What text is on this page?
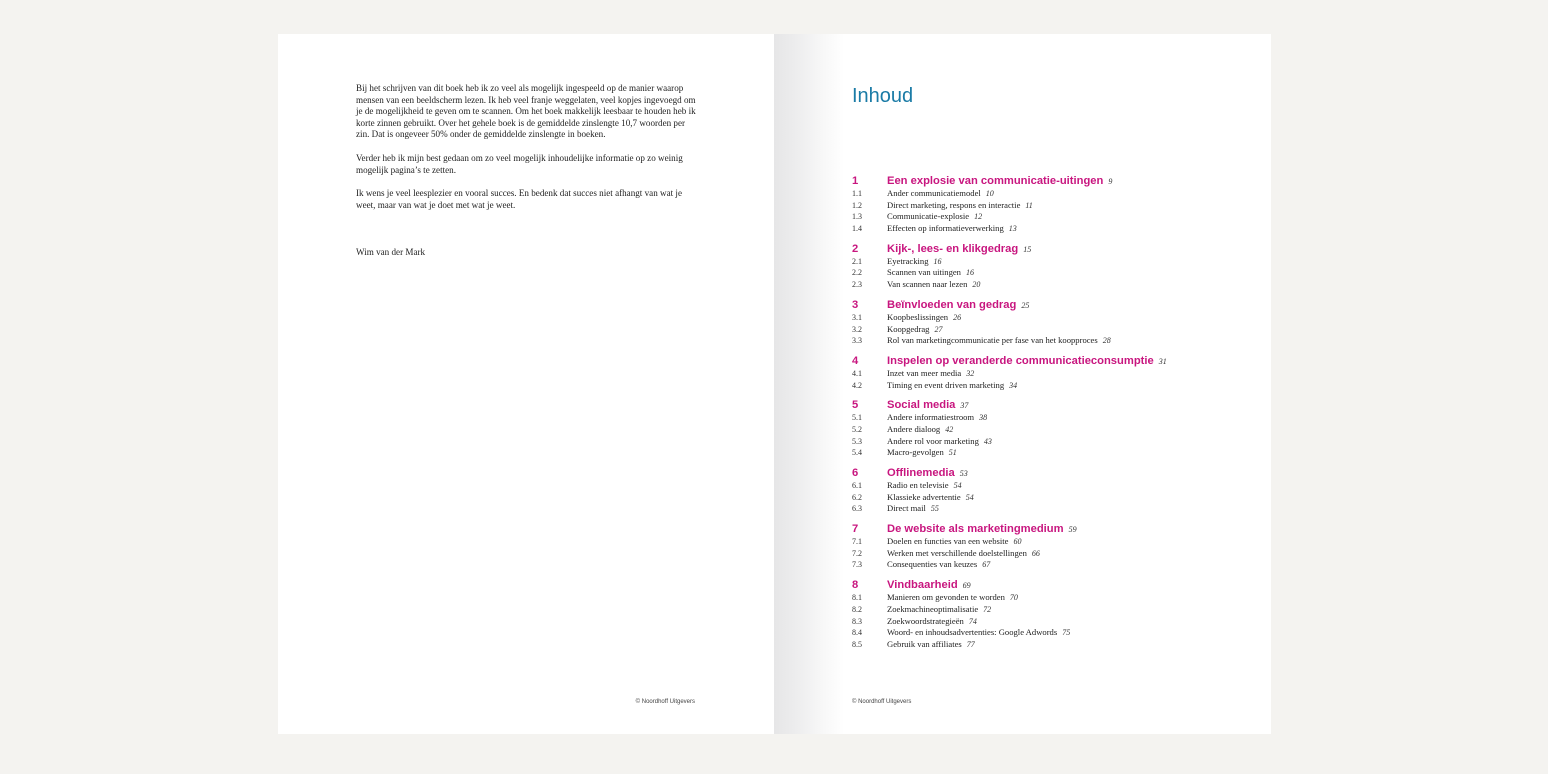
Bij het schrijven van dit boek heb ik zo veel als mogelijk ingespeeld op de manier waarop mensen van een beeldscherm lezen. Ik heb veel franje weggelaten, veel kopjes ingevoegd om je de mogelijkheid te geven om te scannen. Om het boek makkelijk leesbaar te houden heb ik korte zinnen gebruikt. Over het gehele boek is de gemiddelde zinslengte 10,7 woorden per zin. Dat is ongeveer 50% onder de gemiddelde zinslengte in boeken.

Verder heb ik mijn best gedaan om zo veel mogelijk inhoudelijke informatie op zo weinig mogelijk pagina’s te zetten.

Ik wens je veel leesplezier en vooral succes. En bedenk dat succes niet afhangt van wat je weet, maar van wat je doet met wat je weet.

Wim van der Mark
© Noordhoff Uitgevers
Inhoud
1	Een explosie van communicatie-uitingen 9
1.1	Ander communicatiemodel 10
1.2	Direct marketing, respons en interactie 11
1.3	Communicatie-explosie 12
1.4	Effecten op informatieverwerking 13
2	Kijk-, lees- en klikgedrag 15
2.1	Eyetracking 16
2.2	Scannen van uitingen 16
2.3	Van scannen naar lezen 20
3	Beïnvloeden van gedrag 25
3.1	Koopbeslissingen 26
3.2	Koopgedrag 27
3.3	Rol van marketingcommunicatie per fase van het koopproces 28
4	Inspelen op veranderde communicatieconsumptie 31
4.1	Inzet van meer media 32
4.2	Timing en event driven marketing 34
5	Social media 37
5.1	Andere informatiestroom 38
5.2	Andere dialoog 42
5.3	Andere rol voor marketing 43
5.4	Macro-gevolgen 51
6	Offlinemedia 53
6.1	Radio en televisie 54
6.2	Klassieke advertentie 54
6.3	Direct mail 55
7	De website als marketingmedium 59
7.1	Doelen en functies van een website 60
7.2	Werken met verschillende doelstellingen 66
7.3	Consequenties van keuzes 67
8	Vindbaarheid 69
8.1	Manieren om gevonden te worden 70
8.2	Zoekmachineoptimalisatie 72
8.3	Zoekwoordstrategieën 74
8.4	Woord- en inhoudsadvertenties: Google Adwords 75
8.5	Gebruik van affiliates 77
© Noordhoff Uitgevers
